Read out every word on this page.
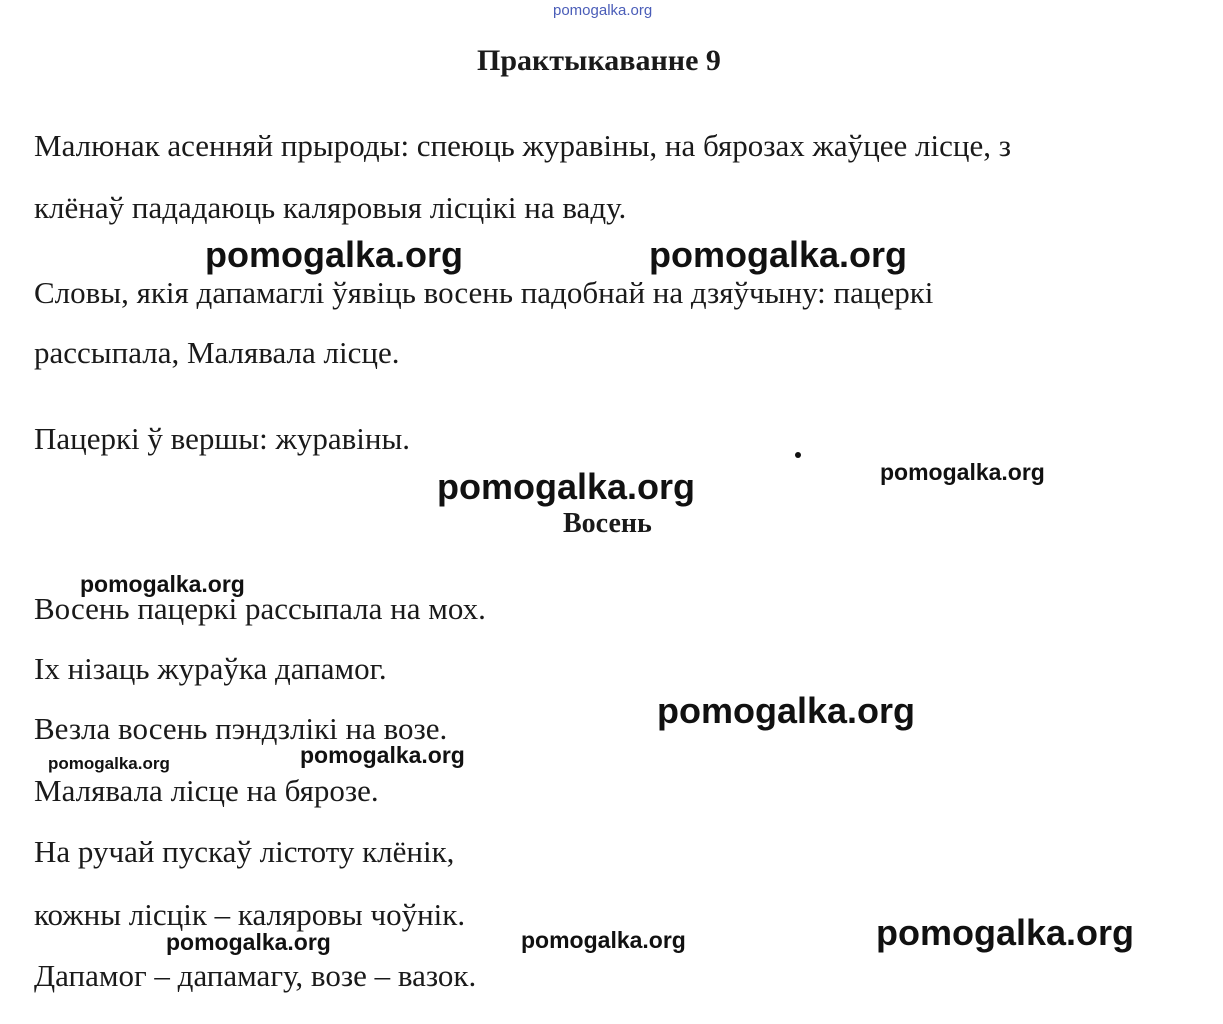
pomogalka.org
Практыкаванне 9
Малюнак асенняй прыроды: спеюць журавіны, на бярозах жаўцее лісце, з
клёнаў пададаюць каляровыя лісцікі на ваду.
pomogalka.org	pomogalka.org
Словы, якія дапамаглі ўявіць восень падобнай на дзяўчыну: пацеркі
рассыпала, Малявала лісце.
Пацеркі ў вершы: журавіны.
pomogalka.org
pomogalka.org
Восень
pomogalka.org
Восень пацеркі рассыпала на мох.
Іх нізаць жураўка дапамог.
pomogalka.org
Везла восень пэндзлікі на возе.
pomogalka.org
pomogalka.org
Малявала лісце на бярозе.
На ручай пускаў лістоту клёнік,
кожны лісцік – каляровы чоўнік.	pomogalka.org
pomogalka.org	pomogalka.org
Дапамог – дапамагу, возе – вазок.
